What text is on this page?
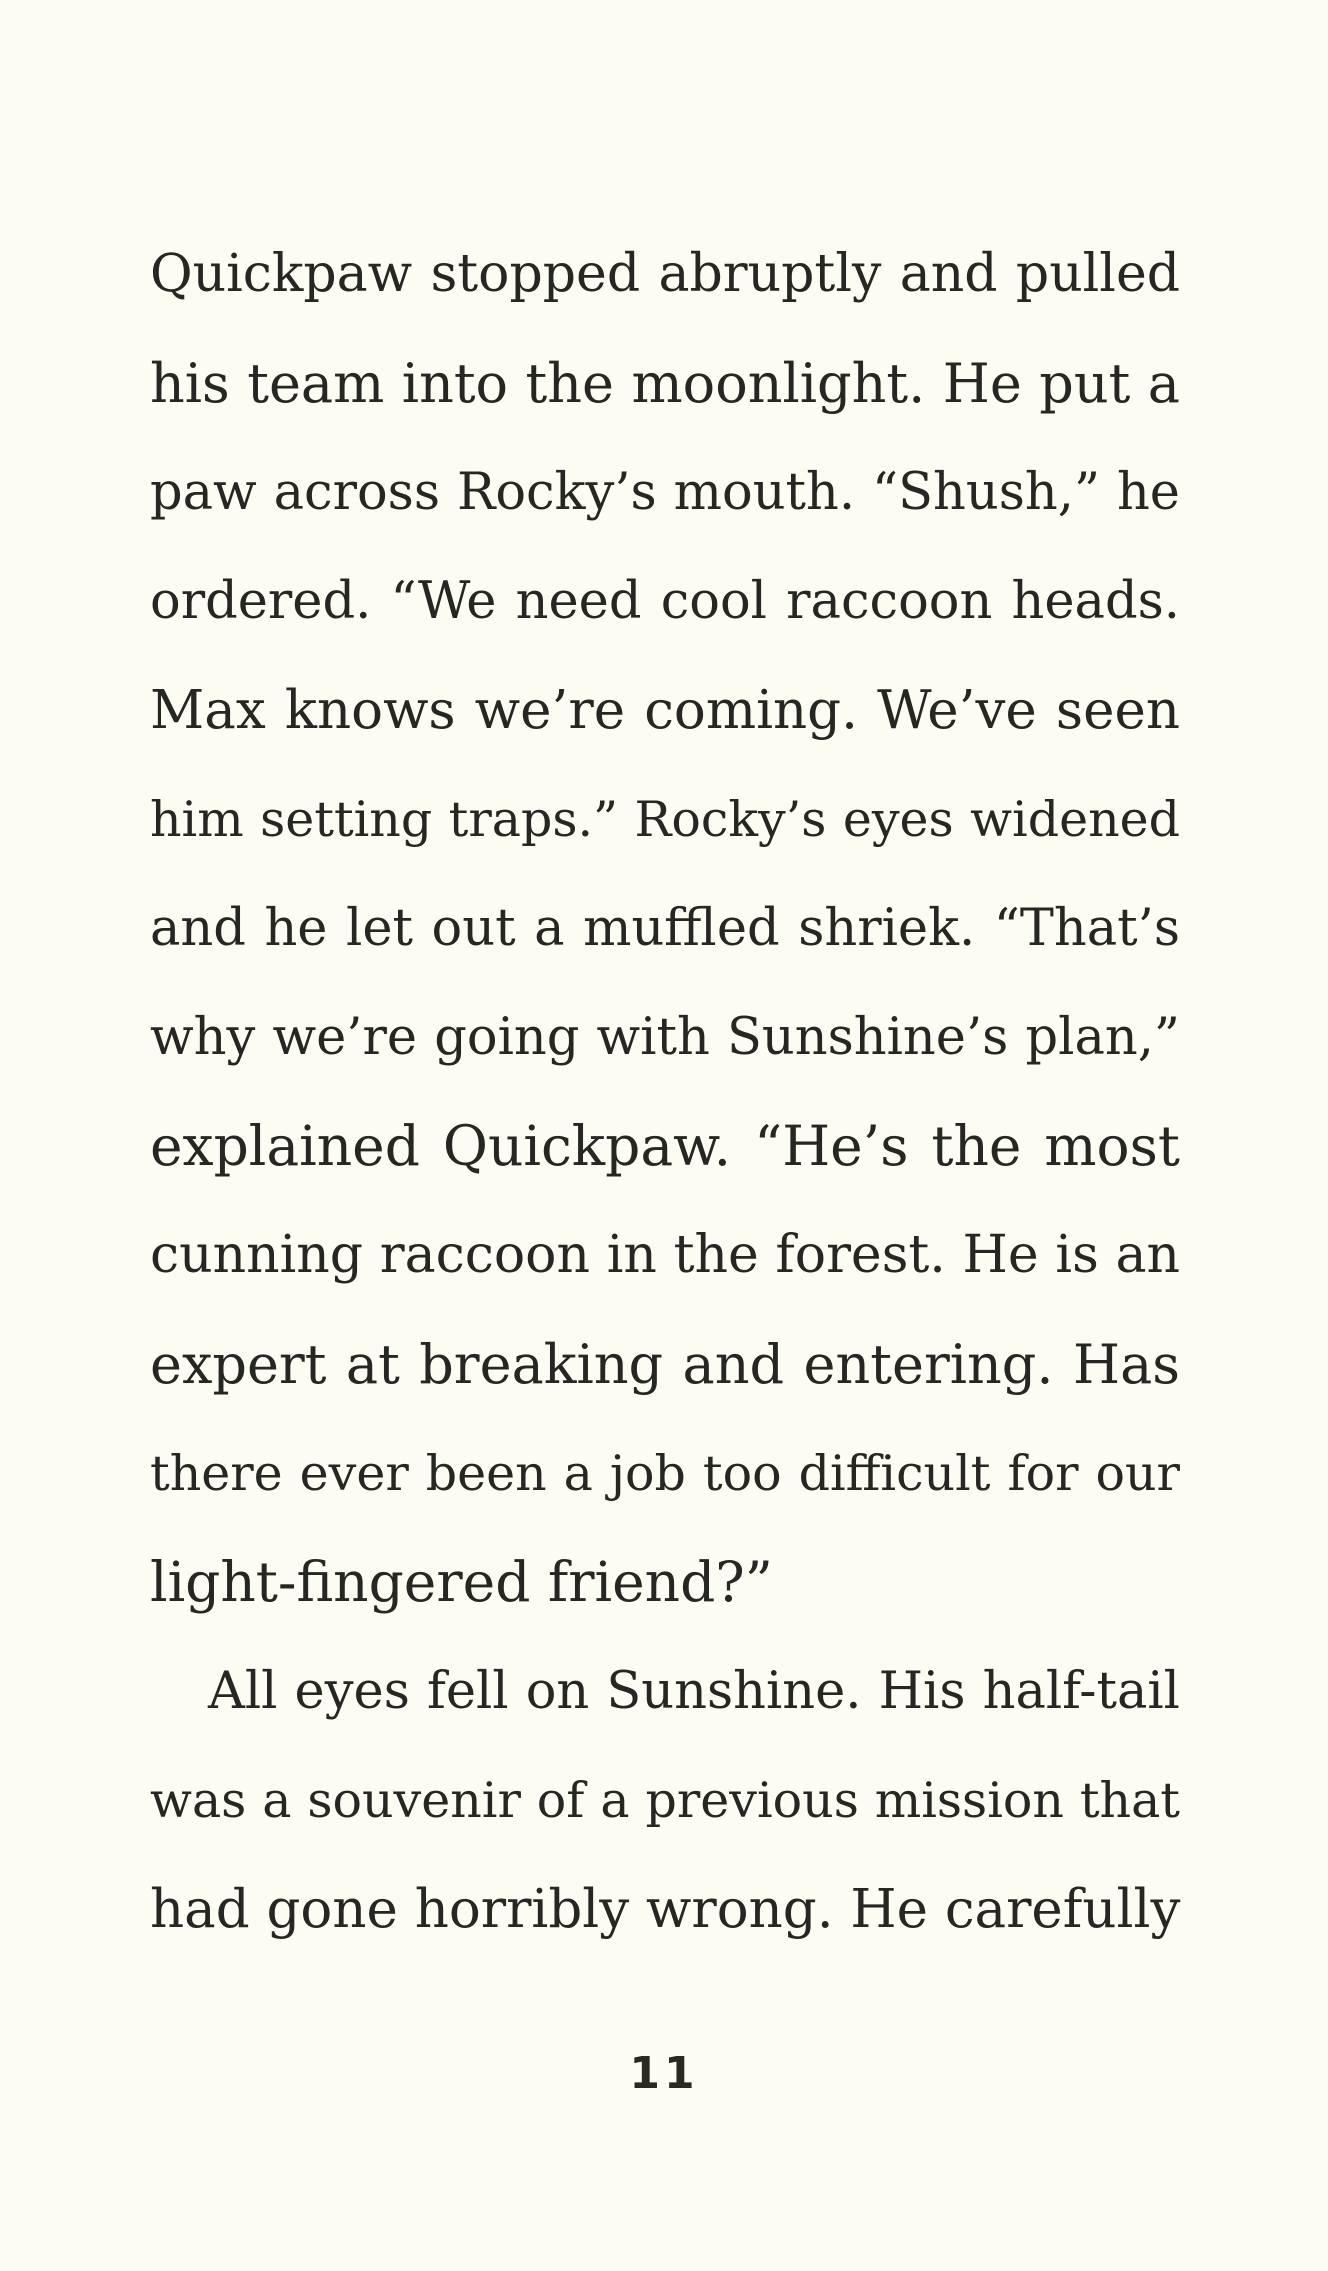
Quickpaw stopped abruptly and pulled
his team into the moonlight. He put a
paw across Rocky’s mouth. “Shush,” he
ordered. “We need cool raccoon heads.
Max knows we’re coming. We’ve seen
him setting traps.” Rocky’s eyes widened
and he let out a muffled shriek. “That’s
why we’re going with Sunshine’s plan,”
explained Quickpaw. “He’s the most
cunning raccoon in the forest. He is an
expert at breaking and entering. Has
there ever been a job too difficult for our
light-fingered friend?”
All eyes fell on Sunshine. His half-tail
was a souvenir of a previous mission that
had gone horribly wrong. He carefully
11
